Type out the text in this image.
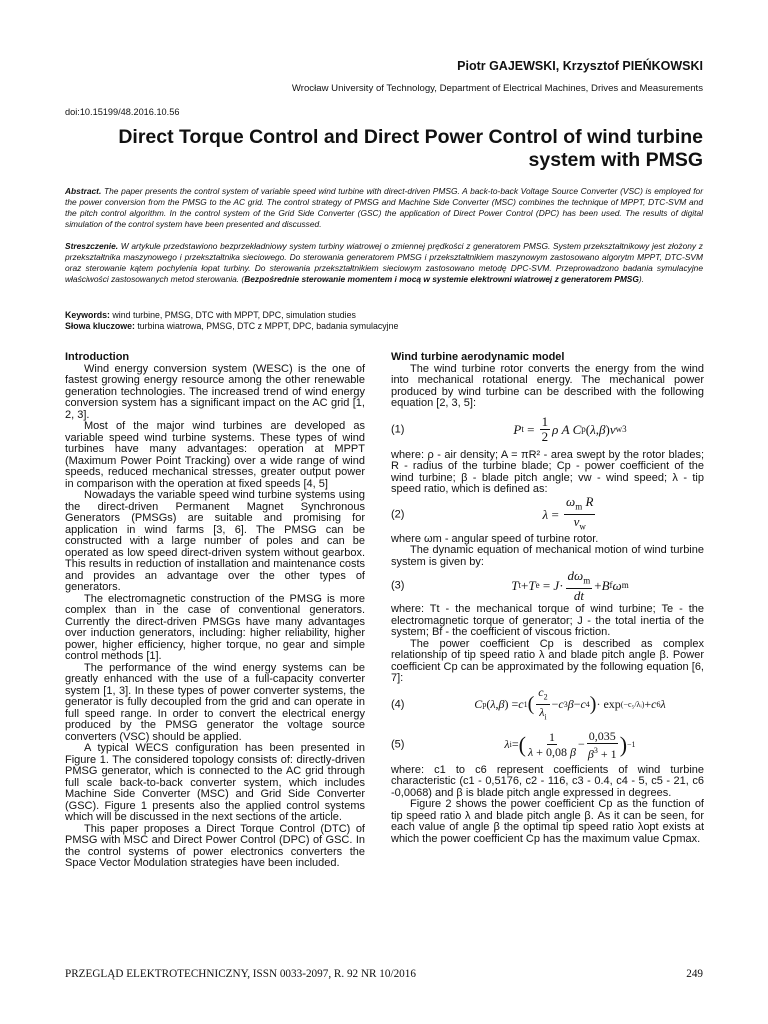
Piotr GAJEWSKI, Krzysztof PIEŃKOWSKI
Wrocław University of Technology, Department of Electrical Machines, Drives and Measurements
doi:10.15199/48.2016.10.56
Direct Torque Control and Direct Power Control of wind turbine
system with PMSG
Abstract. The paper presents the control system of variable speed wind turbine with direct-driven PMSG. A back-to-back Voltage Source Converter (VSC) is employed for the power conversion from the PMSG to the AC grid. The control strategy of PMSG and Machine Side Converter (MSC) combines the technique of MPPT, DTC-SVM and the pitch control algorithm. In the control system of the Grid Side Converter (GSC) the application of Direct Power Control (DPC) has been used. The results of digital simulation of the control system have been presented and discussed.
Streszczenie. W artykule przedstawiono bezprzekładniowy system turbiny wiatrowej o zmiennej prędkości z generatorem PMSG. System przekształtnikowy jest złożony z przekształtnika maszynowego i przekształtnika sieciowego. Do sterowania generatorem PMSG i przekształtnikiem maszynowym zastosowano algorytm MPPT, DTC-SVM oraz sterowanie kątem pochylenia łopat turbiny. Do sterowania przekształtnikiem sieciowym zastosowano metodę DPC-SVM. Przeprowadzono badania symulacyjne właściwości zastosowanych metod sterowania. (Bezpośrednie sterowanie momentem i mocą w systemie elektrowni wiatrowej z generatorem PMSG).
Keywords: wind turbine, PMSG, DTC with MPPT, DPC, simulation studies
Słowa kluczowe: turbina wiatrowa, PMSG, DTC z MPPT, DPC, badania symulacyjne
Introduction

Wind energy conversion system (WESC) is the one of fastest growing energy resource among the other renewable generation technologies. The increased trend of wind energy conversion system has a significant impact on the AC grid [1, 2, 3].

Most of the major wind turbines are developed as variable speed wind turbine systems. These types of wind turbines have many advantages: operation at MPPT (Maximum Power Point Tracking) over a wide range of wind speeds, reduced mechanical stresses, greater output power in comparison with the operation at fixed speeds [4, 5]

Nowadays the variable speed wind turbine systems using the direct-driven Permanent Magnet Synchronous Generators (PMSGs) are suitable and promising for application in wind farms [3, 6]. The PMSG can be constructed with a large number of poles and can be operated as low speed direct-driven system without gearbox. This results in reduction of installation and maintenance costs and provides an advantage over the other types of generators.

The electromagnetic construction of the PMSG is more complex than in the case of conventional generators. Currently the direct-driven PMSGs have many advantages over induction generators, including: higher reliability, higher power, higher efficiency, higher torque, no gear and simple control methods [1].

The performance of the wind energy systems can be greatly enhanced with the use of a full-capacity converter system [1, 3]. In these types of power converter systems, the generator is fully decoupled from the grid and can operate in full speed range. In order to convert the electrical energy produced by the PMSG generator the voltage source converters (VSC) should be applied.

A typical WECS configuration has been presented in Figure 1. The considered topology consists of: directly-driven PMSG generator, which is connected to the AC grid through full scale back-to-back converter system, which includes Machine Side Converter (MSC) and Grid Side Converter (GSC). Figure 1 presents also the applied control systems which will be discussed in the next sections of the article.

This paper proposes a Direct Torque Control (DTC) of PMSG with MSC and Direct Power Control (DPC) of GSC. In the control systems of power electronics converters the Space Vector Modulation strategies have been included.

Wind turbine aerodynamic model

The wind turbine rotor converts the energy from the wind into mechanical rotational energy. The mechanical power produced by wind turbine can be described with the following equation [2, 3, 5]:

(1)	P $t = \frac{1}{2}$ ρ A C p ( λ , β ) v w 3

where: ρ - air density; A = πR² - area swept by the rotor blades; R - radius of the turbine blade; Cp - power coefficient of the wind turbine; β - blade pitch angle; vw - wind speed; λ - tip speed ratio, which is defined as:

(2)	$\lambda = \frac{\omega_m R}{v_w}$

where ωm - angular speed of turbine rotor.

The dynamic equation of mechanical motion of wind turbine system is given by:

(3)	T t + T $e = J \cdot \frac{d\omega_m}{dt} + B$ f ω m

where: Tt - the mechanical torque of wind turbine; Te - the electromagnetic torque of generator; J - the total inertia of the system; Bf - the coefficient of viscous friction.

The power coefficient Cp is described as complex relationship of tip speed ratio λ and blade pitch angle β. Power coefficient Cp can be approximated by the following equation [6, 7]:

(4)	C p ( λ , β ) = c 1 ( $\frac{c_2}{\lambda_i} - c$ 3 β − c 4 ) · exp (−c₅/λᵢ) + c 6 λ
(5)	λ i = ( $\frac{1}{\lambda + 0,08 \beta} - \frac{0,035}{\beta^3 + 1}$ ) −1

where: c1 to c6 represent coefficients of wind turbine characteristic (c1 - 0,5176, c2 - 116, c3 - 0.4, c4 - 5, c5 - 21, c6 -0,0068) and β is blade pitch angle expressed in degrees.

Figure 2 shows the power coefficient Cp as the function of tip speed ratio λ and blade pitch angle β. As it can be seen, for each value of angle β the optimal tip speed ratio λopt exists at which the power coefficient Cp has the maximum value Cpmax.

PRZEGLĄD ELEKTROTECHNICZNY, ISSN 0033-2097, R. 92 NR 10/2016	249
